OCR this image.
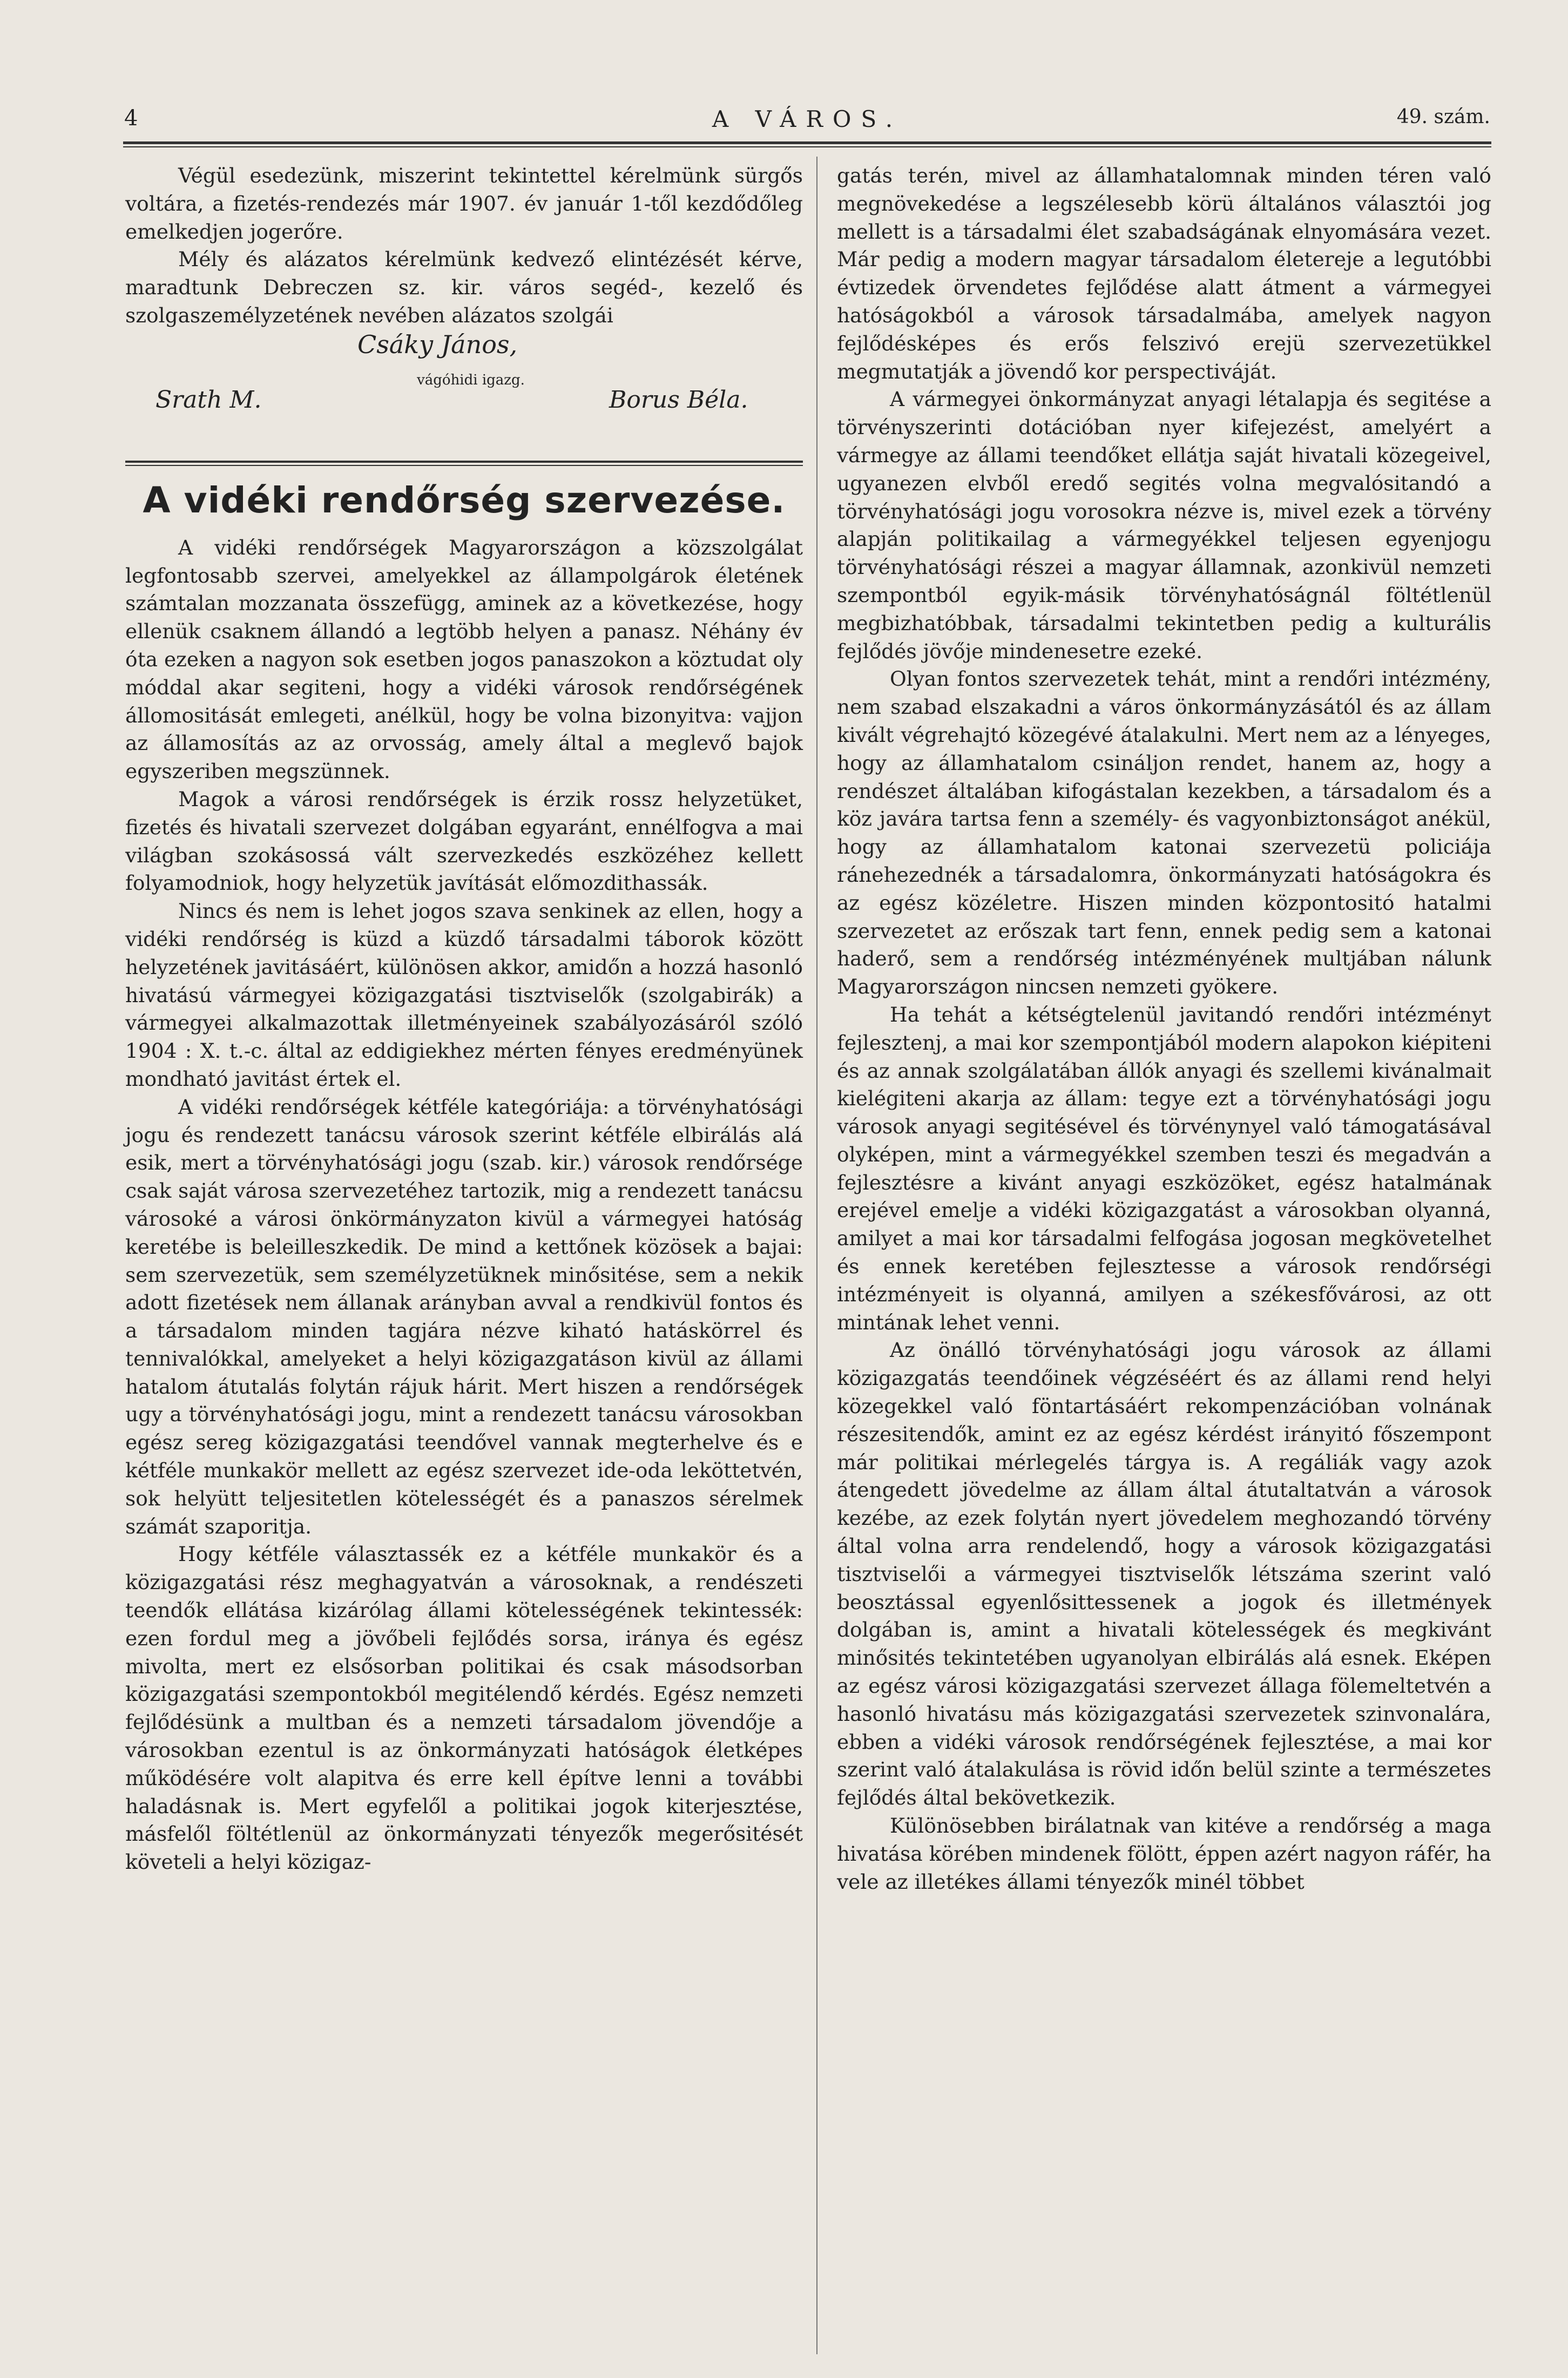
4	A VÁROS.	49. szám.

Végül esedezünk, miszerint tekintettel kérelmünk sürgős voltára, a fizetés-rendezés már 1907. év január 1-től kezdődőleg emelkedjen jogerőre.

Mély és alázatos kérelmünk kedvező elintézését kérve, maradtunk Debreczen sz. kir. város segéd-, kezelő és szolgaszemélyzetének nevében alázatos szolgái

Csáky János,
vágóhidi igazg.
Srath M.	Borus Béla.
A vidéki rendőrség szervezése.

A vidéki rendőrségek Magyarországon a közszolgálat legfontosabb szervei, amelyekkel az állampolgárok életének számtalan mozzanata összefügg, aminek az a következése, hogy ellenük csaknem állandó a legtöbb helyen a panasz. Néhány év óta ezeken a nagyon sok esetben jogos panaszokon a köztudat oly móddal akar segiteni, hogy a vidéki városok rendőrségének állomositását emlegeti, anélkül, hogy be volna bizonyitva: vajjon az államosítás az az orvosság, amely által a meglevő bajok egyszeriben megszünnek.

Magok a városi rendőrségek is érzik rossz helyzetüket, fizetés és hivatali szervezet dolgában egyaránt, ennélfogva a mai világban szokásossá vált szervezkedés eszközéhez kellett folyamodniok, hogy helyzetük javítását előmozdithassák.

Nincs és nem is lehet jogos szava senkinek az ellen, hogy a vidéki rendőrség is küzd a küzdő társadalmi táborok között helyzetének javitásáért, különösen akkor, amidőn a hozzá hasonló hivatású vármegyei közigazgatási tisztviselők (szolgabirák) a vármegyei alkalmazottak illetményeinek szabályozásáról szóló 1904 : X. t.-c. által az eddigiekhez mérten fényes eredményünek mondható javitást értek el.

A vidéki rendőrségek kétféle kategóriája: a törvényhatósági jogu és rendezett tanácsu városok szerint kétféle elbirálás alá esik, mert a törvényhatósági jogu (szab. kir.) városok rendőrsége csak saját városa szervezetéhez tartozik, mig a rendezett tanácsu városoké a városi önkörmányzaton kivül a vármegyei hatóság keretébe is beleilleszkedik. De mind a kettőnek közösek a bajai: sem szervezetük, sem személyzetüknek minősitése, sem a nekik adott fizetések nem állanak arányban avval a rendkivül fontos és a társadalom minden tagjára nézve kiható hatáskörrel és tennivalókkal, amelyeket a helyi közigazgatáson kivül az állami hatalom átutalás folytán rájuk hárit. Mert hiszen a rendőrségek ugy a törvényhatósági jogu, mint a rendezett tanácsu városokban egész sereg közigazgatási teendővel vannak megterhelve és e kétféle munkakör mellett az egész szervezet ide-oda leköttetvén, sok helyütt teljesitetlen kötelességét és a panaszos sérelmek számát szaporitja.

Hogy kétféle választassék ez a kétféle munkakör és a közigazgatási rész meghagyatván a városoknak, a rendészeti teendők ellátása kizárólag állami kötelességének tekintessék: ezen fordul meg a jövőbeli fejlődés sorsa, iránya és egész mivolta, mert ez elsősorban politikai és csak másodsorban közigazgatási szempontokból megitélendő kérdés. Egész nemzeti fejlődésünk a multban és a nemzeti társadalom jövendője a városokban ezentul is az önkormányzati hatóságok életképes működésére volt alapitva és erre kell építve lenni a további haladásnak is. Mert egyfelől a politikai jogok kiterjesztése, másfelől föltétlenül az önkormányzati tényezők megerősitését követeli a helyi közigaz-

gatás terén, mivel az államhatalomnak minden téren való megnövekedése a legszélesebb körü általános választói jog mellett is a társadalmi élet szabadságának elnyomására vezet. Már pedig a modern magyar társadalom életereje a legutóbbi évtizedek örvendetes fejlődése alatt átment a vármegyei hatóságokból a városok társadalmába, amelyek nagyon fejlődésképes és erős felszivó erejü szervezetükkel megmutatják a jövendő kor perspectiváját.

A vármegyei önkormányzat anyagi létalapja és segitése a törvényszerinti dotációban nyer kifejezést, amelyért a vármegye az állami teendőket ellátja saját hivatali közegeivel, ugyanezen elvből eredő segités volna megvalósitandó a törvényhatósági jogu vorosokra nézve is, mivel ezek a törvény alapján politikailag a vármegyékkel teljesen egyenjogu törvényhatósági részei a magyar államnak, azonkivül nemzeti szempontból egyik-másik törvényhatóságnál föltétlenül megbizhatóbbak, társadalmi tekintetben pedig a kulturális fejlődés jövője mindenesetre ezeké.

Olyan fontos szervezetek tehát, mint a rendőri intézmény, nem szabad elszakadni a város önkormányzásától és az állam kivált végrehajtó közegévé átalakulni. Mert nem az a lényeges, hogy az államhatalom csináljon rendet, hanem az, hogy a rendészet általában kifogástalan kezekben, a társadalom és a köz javára tartsa fenn a személy- és vagyonbiztonságot anékül, hogy az államhatalom katonai szervezetü policiája ránehezednék a társadalomra, önkormányzati hatóságokra és az egész közéletre. Hiszen minden központositó hatalmi szervezetet az erőszak tart fenn, ennek pedig sem a katonai haderő, sem a rendőrség intézményének multjában nálunk Magyarországon nincsen nemzeti gyökere.

Ha tehát a kétségtelenül javitandó rendőri intézményt fejlesztenj, a mai kor szempontjából modern alapokon kiépiteni és az annak szolgálatában állók anyagi és szellemi kivánalmait kielégiteni akarja az állam: tegye ezt a törvényhatósági jogu városok anyagi segitésével és törvénynyel való támogatásával olyképen, mint a vármegyékkel szemben teszi és megadván a fejlesztésre a kivánt anyagi eszközöket, egész hatalmának erejével emelje a vidéki közigazgatást a városokban olyanná, amilyet a mai kor társadalmi felfogása jogosan megkövetelhet és ennek keretében fejlesztesse a városok rendőrségi intézményeit is olyanná, amilyen a székesfővárosi, az ott mintának lehet venni.

Az önálló törvényhatósági jogu városok az állami közigazgatás teendőinek végzéséért és az állami rend helyi közegekkel való föntartásáért rekompenzációban volnának részesitendők, amint ez az egész kérdést irányitó főszempont már politikai mérlegelés tárgya is. A regáliák vagy azok átengedett jövedelme az állam által átutaltatván a városok kezébe, az ezek folytán nyert jövedelem meghozandó törvény által volna arra rendelendő, hogy a városok közigazgatási tisztviselői a vármegyei tisztviselők létszáma szerint való beosztással egyenlősittessenek a jogok és illetmények dolgában is, amint a hivatali kötelességek és megkivánt minősités tekintetében ugyanolyan elbirálás alá esnek. Eképen az egész városi közigazgatási szervezet állaga fölemeltetvén a hasonló hivatásu más közigazgatási szervezetek szinvonalára, ebben a vidéki városok rendőrségének fejlesztése, a mai kor szerint való átalakulása is rövid időn belül szinte a természetes fejlődés által bekövetkezik.

Különösebben birálatnak van kitéve a rendőrség a maga hivatása körében mindenek fölött, éppen azért nagyon ráfér, ha vele az illetékes állami tényezők minél többet
